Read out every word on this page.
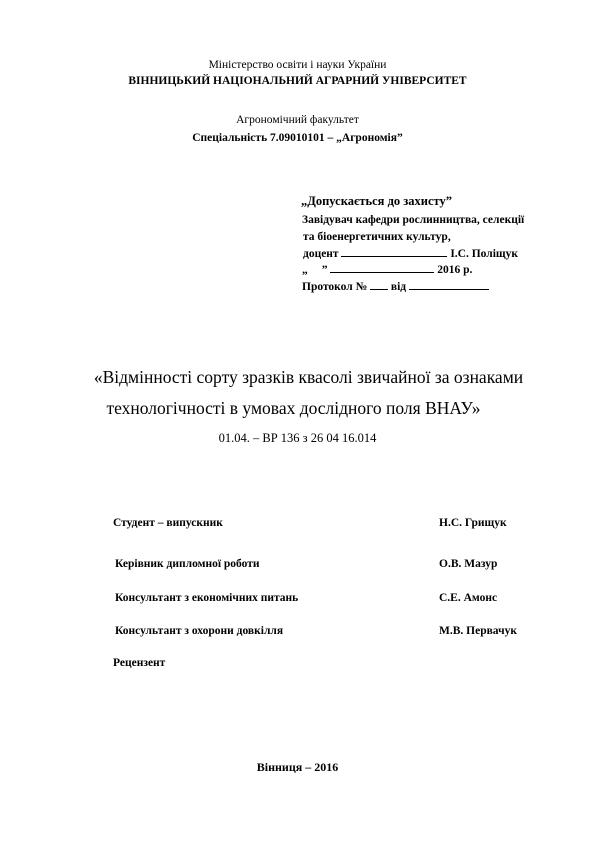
Міністерство освіти і науки України
ВІННИЦЬКИЙ НАЦІОНАЛЬНИЙ АГРАРНИЙ УНІВЕРСИТЕТ
Агрономічний факультет
Спеціальність 7.09010101 – „Агрономія”
„Допускається до захисту”
Завідувач кафедри рослинництва, селекції
та біоенергетичних культур,
доцент	І.С. Поліщук
„ ”	2016 р.
Протокол № від
«Відмінності сорту зразків квасолі звичайної за ознаками
технологічності в умовах дослідного поля ВНАУ»
01.04. – ВР 136 з 26 04 16.014
Студент – випускник	Н.С. Грищук
Керівник дипломної роботи	О.В. Мазур
Консультант з економічних питань	С.Е. Амонс
Консультант з охорони довкілля	М.В. Первачук
Рецензент
Вінниця – 2016
